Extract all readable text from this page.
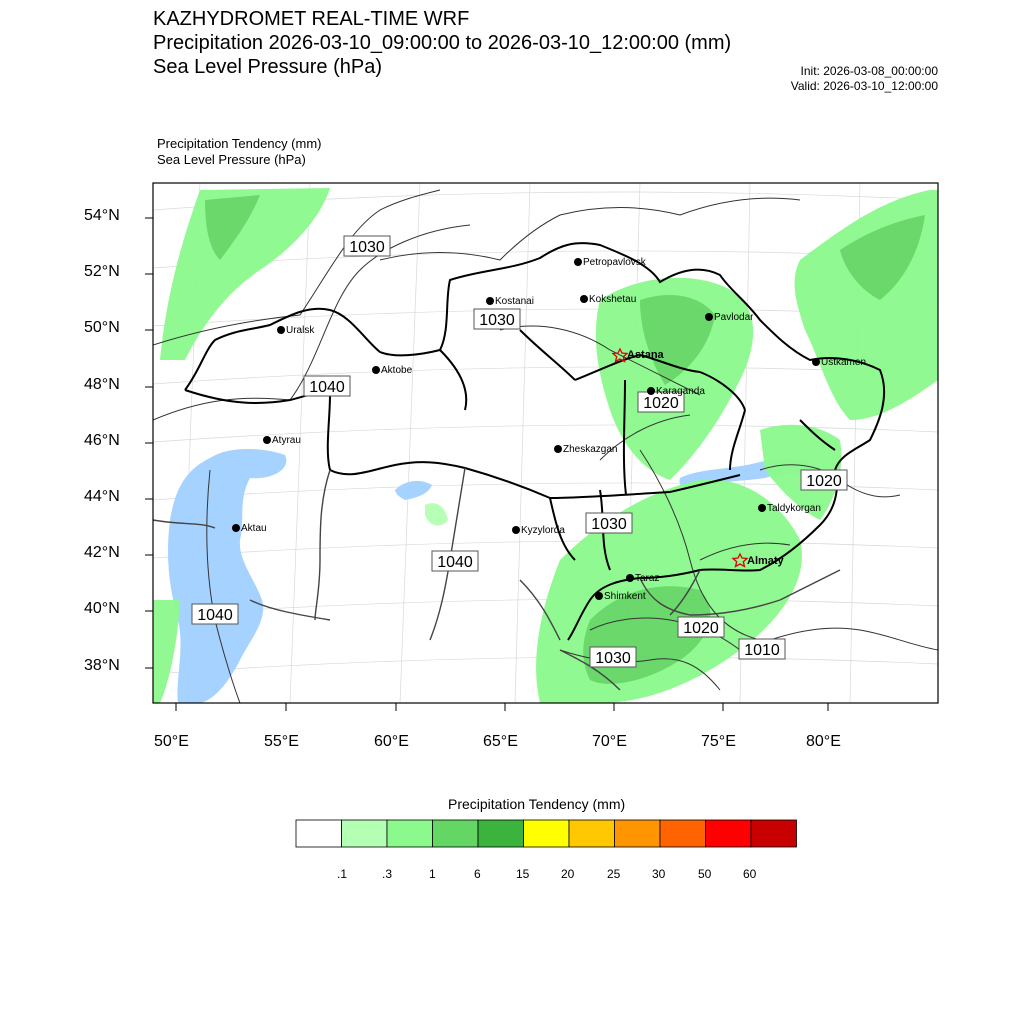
KAZHYDROMET REAL-TIME WRF
Precipitation 2026-03-10_09:00:00 to 2026-03-10_12:00:00 (mm)
Sea Level Pressure (hPa)	Init: 2026-03-08_00:00:00
Valid: 2026-03-10_12:00:00
Precipitation Tendency (mm)
Sea Level Pressure (hPa)
1030
1030
1040
1020
1020
1030
1040
1040
1020
1030	1010
Petropavlovsk
Kostanai	Kokshetau
Uralsk
Aktobe
Astana
Pavlodar
Karaganda
Ustkamen
Atyrau
Zheskazgan
Taldykorgan
Aktau	Kyzylorda
Almaty
Taraz
Shimkent
54°N
52°N
50°N
48°N
46°N
44°N
42°N
40°N
38°N
50°E	55°E	60°E	65°E	70°E	75°E	80°E
Precipitation Tendency (mm)
.1	.3	1	6	15	20	25	30	50	60
